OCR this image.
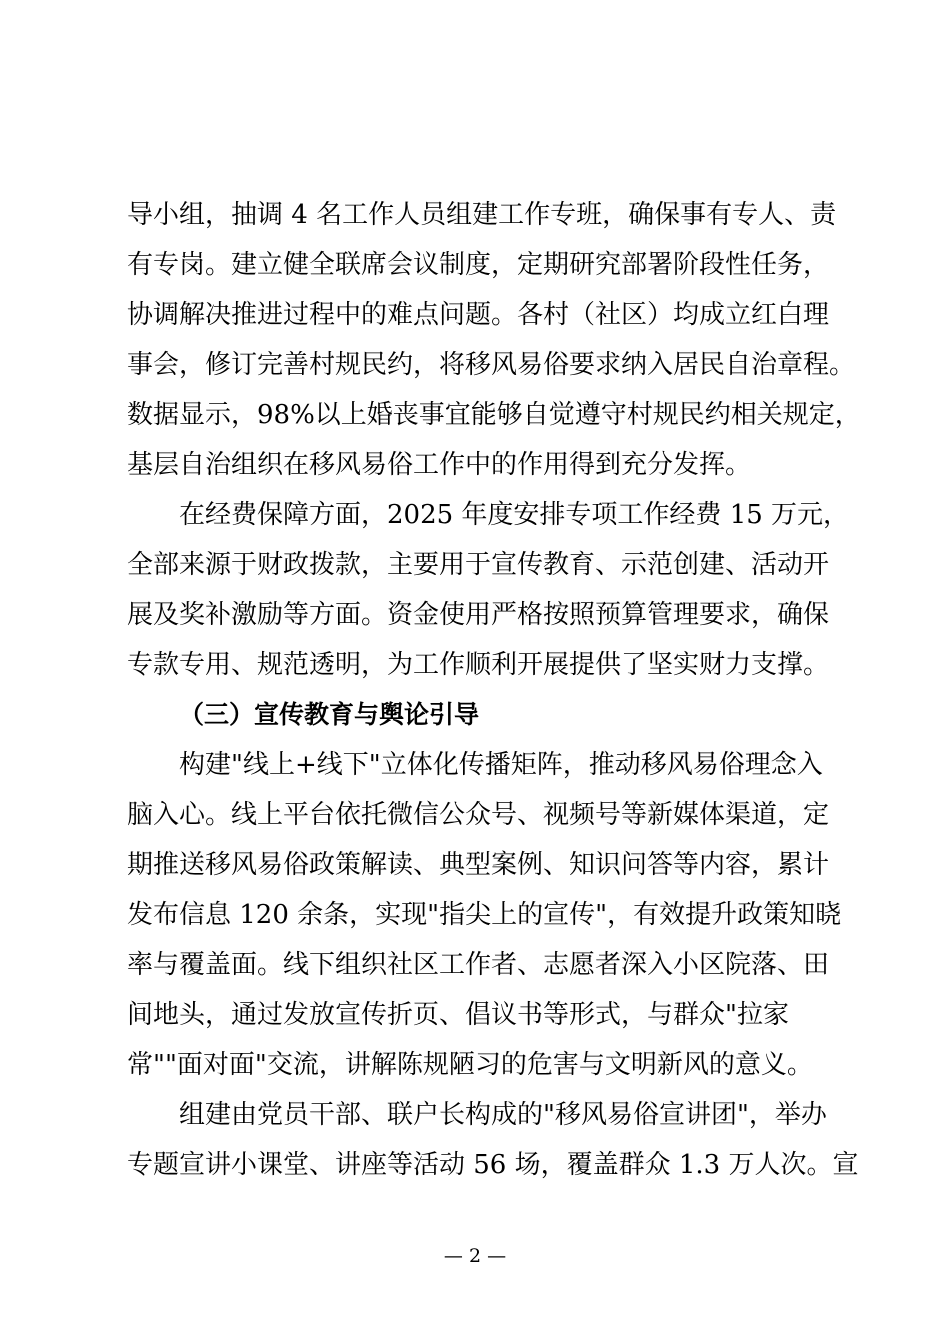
导小组，抽调 4 名工作人员组建工作专班，确保事有专人、责
有专岗。建立健全联席会议制度，定期研究部署阶段性任务，
协调解决推进过程中的难点问题。各村（社区）均成立红白理
事会，修订完善村规民约，将移风易俗要求纳入居民自治章程。
数据显示，98%以上婚丧事宜能够自觉遵守村规民约相关规定，
基层自治组织在移风易俗工作中的作用得到充分发挥。
在经费保障方面，2025 年度安排专项工作经费 15 万元，
全部来源于财政拨款，主要用于宣传教育、示范创建、活动开
展及奖补激励等方面。资金使用严格按照预算管理要求，确保
专款专用、规范透明，为工作顺利开展提供了坚实财力支撑。
（三）宣传教育与舆论引导
构建"线上+线下"立体化传播矩阵，推动移风易俗理念入
脑入心。线上平台依托微信公众号、视频号等新媒体渠道，定
期推送移风易俗政策解读、典型案例、知识问答等内容，累计
发布信息 120 余条，实现"指尖上的宣传"，有效提升政策知晓
率与覆盖面。线下组织社区工作者、志愿者深入小区院落、田
间地头，通过发放宣传折页、倡议书等形式，与群众"拉家
常""面对面"交流，讲解陈规陋习的危害与文明新风的意义。
组建由党员干部、联户长构成的"移风易俗宣讲团"，举办
专题宣讲小课堂、讲座等活动 56 场，覆盖群众 1.3 万人次。宣
— 2 —
